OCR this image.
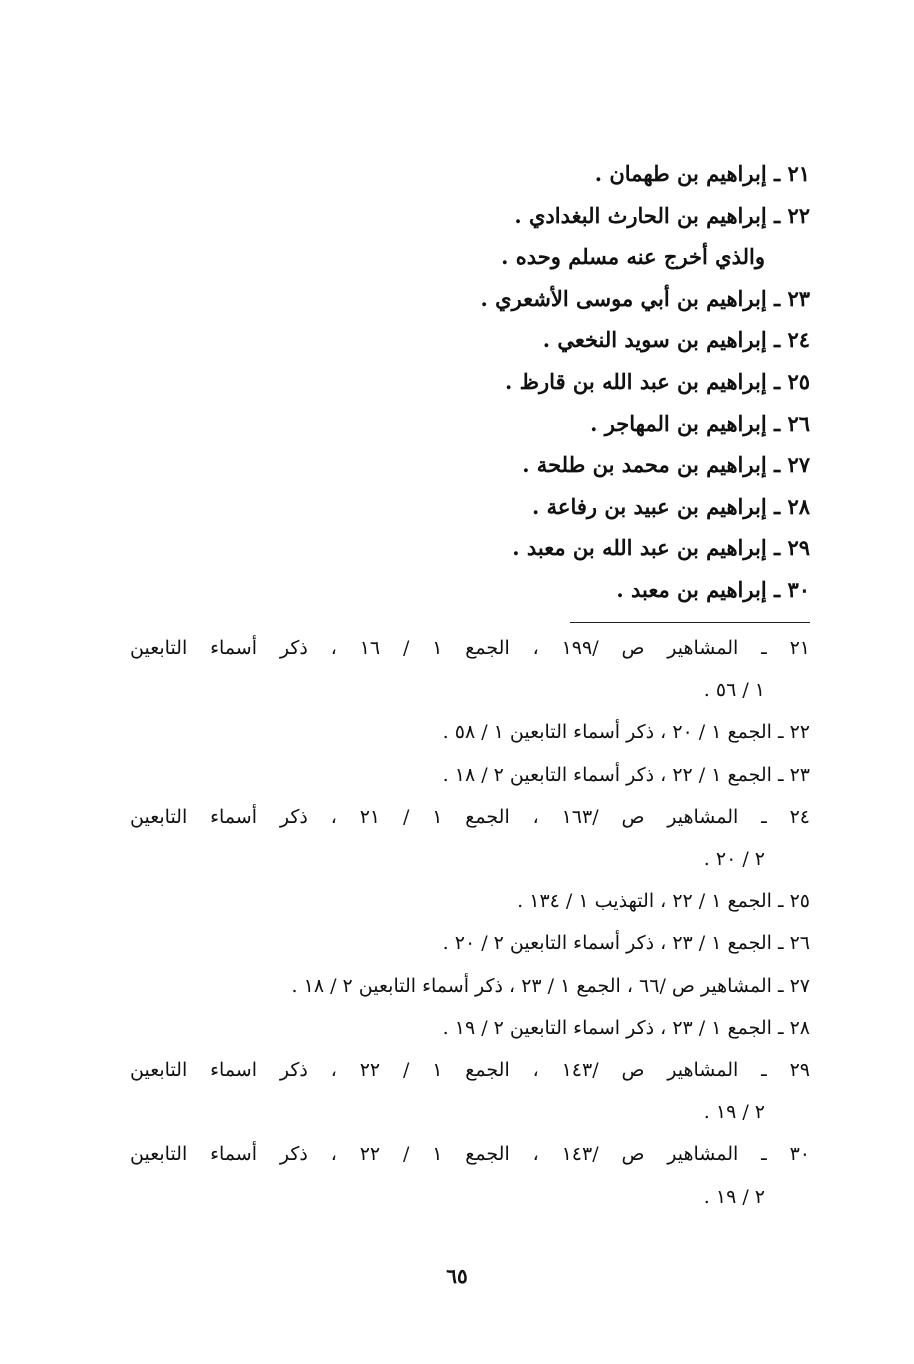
٢١ ـ إبراهيم بن طهمان .
٢٢ ـ إبراهيم بن الحارث البغدادي .
والذي أخرج عنه مسلم وحده .
٢٣ ـ إبراهيم بن أبي موسى الأشعري .
٢٤ ـ إبراهيم بن سويد النخعي .
٢٥ ـ إبراهيم بن عبد الله بن قارظ .
٢٦ ـ إبراهيم بن المهاجر .
٢٧ ـ إبراهيم بن محمد بن طلحة .
٢٨ ـ إبراهيم بن عبيد بن رفاعة .
٢٩ ـ إبراهيم بن عبد الله بن معبد .
٣٠ ـ إبراهيم بن معبد .
٢١ ـ المشاهير ص /١٩٩ ، الجمع ١ / ١٦ ، ذكر أسماء التابعين
١ / ٥٦ .
٢٢ ـ الجمع ١ / ٢٠ ، ذكر أسماء التابعين ١ / ٥٨ .
٢٣ ـ الجمع ١ / ٢٢ ، ذكر أسماء التابعين ٢ / ١٨ .
٢٤ ـ المشاهير ص /١٦٣ ، الجمع ١ / ٢١ ، ذكر أسماء التابعين
٢ / ٢٠ .
٢٥ ـ الجمع ١ / ٢٢ ، التهذيب ١ / ١٣٤ .
٢٦ ـ الجمع ١ / ٢٣ ، ذكر أسماء التابعين ٢ / ٢٠ .
٢٧ ـ المشاهير ص /٦٦ ، الجمع ١ / ٢٣ ، ذكر أسماء التابعين ٢ / ١٨ .
٢٨ ـ الجمع ١ / ٢٣ ، ذكر اسماء التابعين ٢ / ١٩ .
٢٩ ـ المشاهير ص /١٤٣ ، الجمع ١ / ٢٢ ، ذكر اسماء التابعين
٢ / ١٩ .
٣٠ ـ المشاهير ص /١٤٣ ، الجمع ١ / ٢٢ ، ذكر أسماء التابعين
٢ / ١٩ .
٦٥
